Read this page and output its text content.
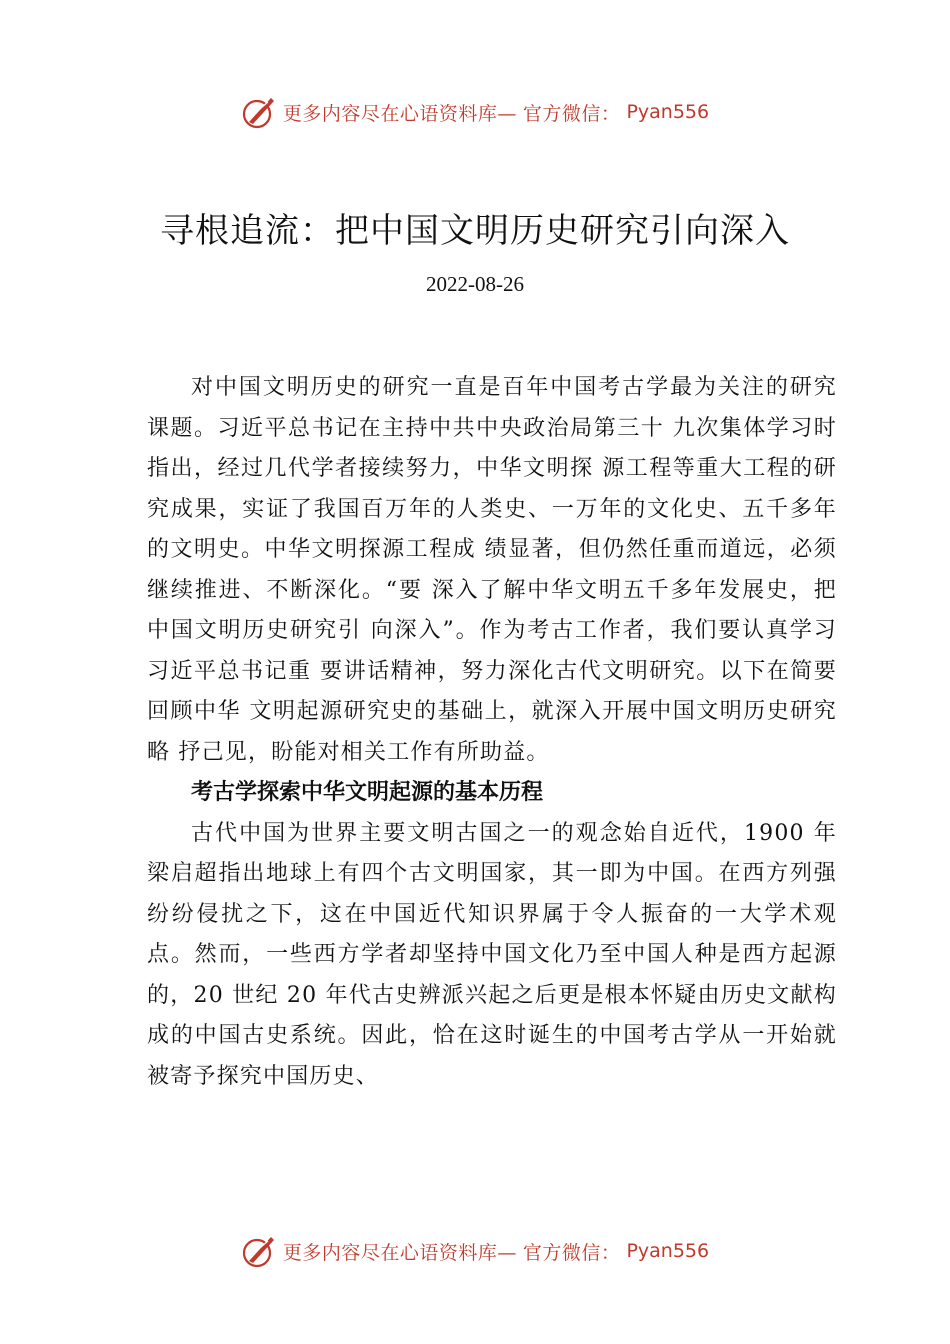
更多内容尽在心语资料库— 官方微信： Pyan556
寻根追流：把中国文明历史研究引向深入
2022-08-26

对中国文明历史的研究一直是百年中国考古学最为关注的研究课题。习近平总书记在主持中共中央政治局第三十 九次集体学习时指出，经过几代学者接续努力，中华文明探 源工程等重大工程的研究成果，实证了我国百万年的人类史、一万年的文化史、五千多年的文明史。中华文明探源工程成 绩显著，但仍然任重而道远，必须继续推进、不断深化。“要 深入了解中华文明五千多年发展史，把中国文明历史研究引 向深入”。作为考古工作者，我们要认真学习习近平总书记重 要讲话精神，努力深化古代文明研究。以下在简要回顾中华 文明起源研究史的基础上，就深入开展中国文明历史研究略 抒己见，盼能对相关工作有所助益。

考古学探索中华文明起源的基本历程

古代中国为世界主要文明古国之一的观念始自近代，1900 年梁启超指出地球上有四个古文明国家，其一即为中国。在西方列强纷纷侵扰之下，这在中国近代知识界属于令人振奋的一大学术观点。然而，一些西方学者却坚持中国文化乃至中国人种是西方起源的，20 世纪 20 年代古史辨派兴起之后更是根本怀疑由历史文献构成的中国古史系统。因此，恰在这时诞生的中国考古学从一开始就被寄予探究中国历史、

更多内容尽在心语资料库— 官方微信： Pyan556
